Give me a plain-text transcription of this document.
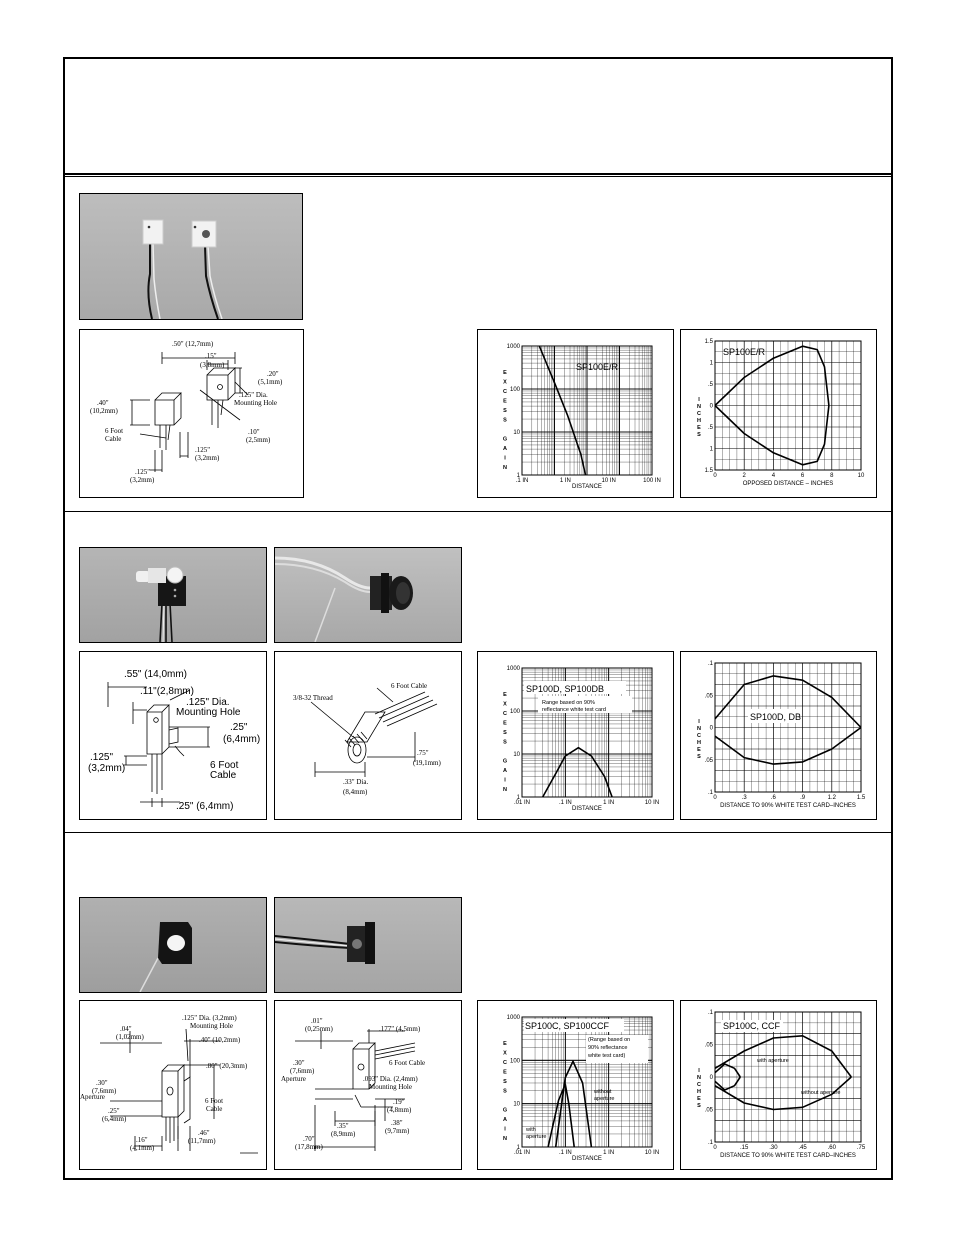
.50" (12,7mm)
.15"
(3,8mm)
.20"
(5,1mm)
.40"
(10,2mm)
.125" Dia.
Mounting Hole
6 Foot
Cable
.10"
(2,5mm)
.125"
(3,2mm)
.125"
(3,2mm)	.1 IN	1 IN	10 IN	100 IN
1000
100
10
1
DISTANCE
E
X
C
E
S
S
G
A
I
N
SP100E/R
0	2	4	6	8	10
1.5
1
.5
0
.5
1
1.5
OPPOSED DISTANCE – INCHES
I
N
C
H
E
S
SP100E/R
.55" (14,0mm)
.11"(2,8mm)
.125" Dia.
Mounting Hole
.25"
(6,4mm)
.125"
(3,2mm)	6 Foot
Cable
.25" (6,4mm)
3/8-32 Thread
6 Foot Cable
.75"
(19,1mm)
.33" Dia.
(8,4mm)
.01 IN	.1 IN	1 IN	10 IN
1000
100
10
1
DISTANCE
E
X
C
E
S
S
G
A
I
N
SP100D, SP100DB
Range based on 90%
reflectance white test card
0	.3	.6	.9	1.2	1.5
.1
.05
0
.05
.1
DISTANCE TO 90% WHITE TEST CARD–INCHES
I
N
C
H
E
S
SP100D, DB
.125" Dia. (3,2mm)
Mounting Hole
.04"
(1,02mm)	.40" (10,2mm)
.30"
(7,6mm)
Aperture
.80" (20,3mm)
.25"
(6,4mm)
6 Foot
Cable
.16"
(4,1mm)
.46"
(11,7mm)
.01"
(0,25mm)	.177" (4,5mm)
.30"
(7,6mm)
Aperture
6 Foot Cable
.093" Dia. (2,4mm)
Mounting Hole
.19"
(4,8mm)
.35"
(8,9mm)
.38"
(9,7mm)
.70"
(17,8mm)
.01 IN	.1 IN	1 IN	10 IN
1000
100
10
1
DISTANCE
E
X
C
E
S
S
G
A
I
N
SP100C, SP100CCF
(Range based on
90% reflectance
white test card)
without
aperture
with
aperture
0	.15	.30	.45	.60	.75
.1
.05
0
.05
.1
DISTANCE TO 90% WHITE TEST CARD–INCHES
I
N
C
H
E
S
SP100C, CCF
with aperture
without aperture
